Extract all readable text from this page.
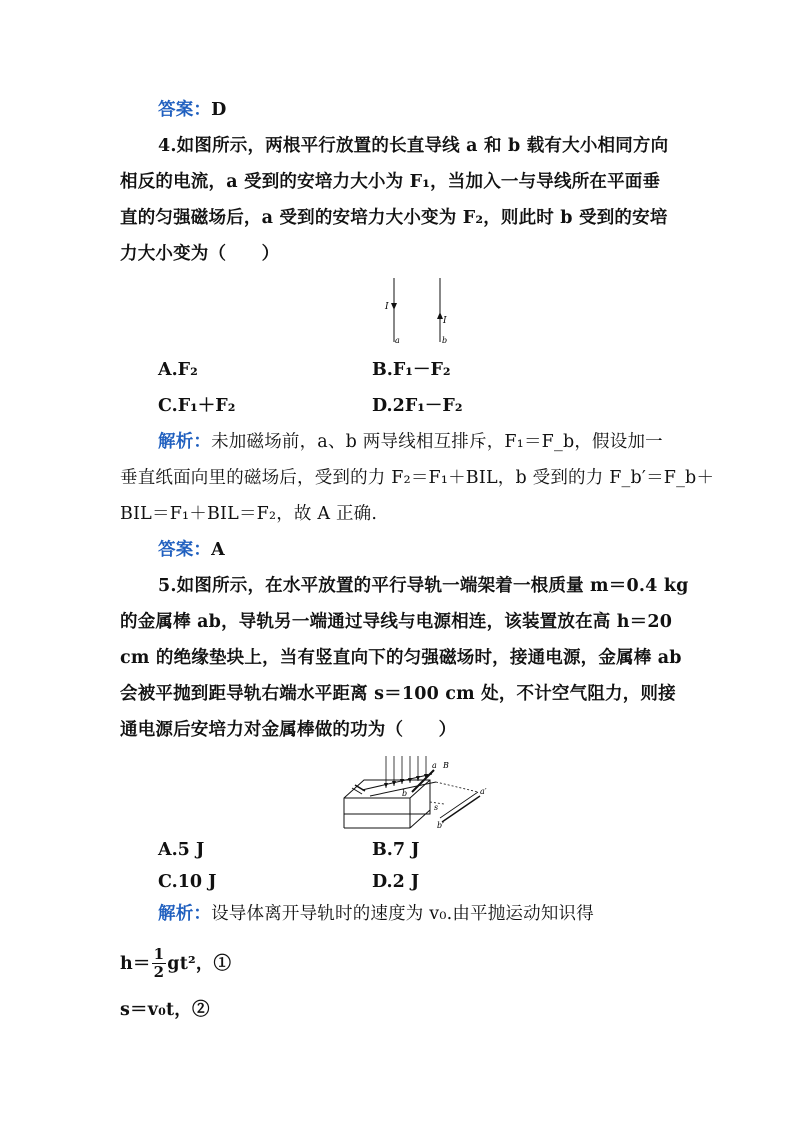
答案：D
4.如图所示，两根平行放置的长直导线 a 和 b 载有大小相同方向
相反的电流，a 受到的安培力大小为 F₁，当加入一与导线所在平面垂
直的匀强磁场后，a 受到的安培力大小变为 F₂，则此时 b 受到的安培
力大小变为（　　）
I
I
a	b
A.F₂	B.F₁－F₂
C.F₁＋F₂	D.2F₁－F₂
解析：未加磁场前，a、b 两导线相互排斥，F₁＝F_b，假设加一
垂直纸面向里的磁场后，受到的力 F₂＝F₁＋BIL，b 受到的力 F_b′＝F_b＋
BIL＝F₁＋BIL＝F₂，故 A 正确.
答案：A
5.如图所示，在水平放置的平行导轨一端架着一根质量 m＝0.4 kg
的金属棒 ab，导轨另一端通过导线与电源相连，该装置放在高 h＝20
cm 的绝缘垫块上，当有竖直向下的匀强磁场时，接通电源，金属棒 ab
会被平抛到距导轨右端水平距离 s＝100 cm 处，不计空气阻力，则接
通电源后安培力对金属棒做的功为（　　）
a B
b	a′
b′
s
A.5 J	B.7 J
C.10 J	D.2 J
解析：设导体离开导轨时的速度为 v₀.由平抛运动知识得
$h= \frac{1}{2} gt^2$，①
s＝v₀t，②
